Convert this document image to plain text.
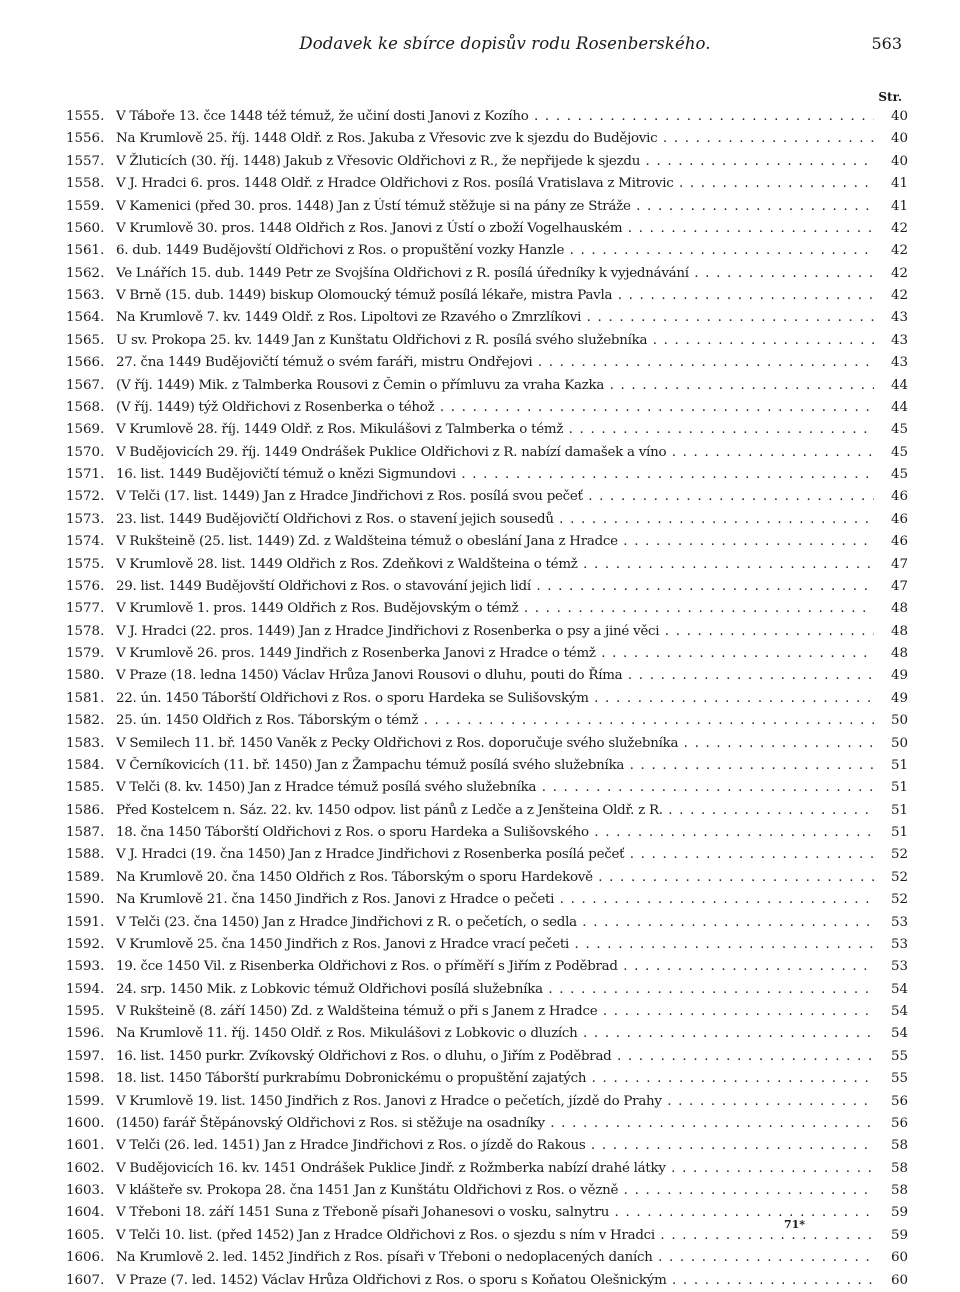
Dodavek ke sbírce dopisův rodu Rosenberského.	563
Str.
1555. V Táboře 13. čce 1448 též témuž, že učiní dosti Janovi z Kozího . . .	40
1556. Na Krumlově 25. říj. 1448 Oldř. z Ros. Jakuba z Vřesovic zve k sjezdu do Budějovic . . .	40
1557. V Žluticích (30. říj. 1448) Jakub z Vřesovic Oldřichovi z R., že nepřijede k sjezdu . . .	40
1558. V J. Hradci 6. pros. 1448 Oldř. z Hradce Oldřichovi z Ros. posílá Vratislava z Mitrovic . . .	41
1559. V Kamenici (před 30. pros. 1448) Jan z Ústí témuž stěžuje si na pány ze Stráže . . .	41
1560. V Krumlově 30. pros. 1448 Oldřich z Ros. Janovi z Ústí o zboží Vogelhauském . . .	42
1561. 6. dub. 1449 Budějovští Oldřichovi z Ros. o propuštění vozky Hanzle . . .	42
1562. Ve Lnářích 15. dub. 1449 Petr ze Svojšína Oldřichovi z R. posílá úředníky k vyjednávání . . .	42
1563. V Brně (15. dub. 1449) biskup Olomoucký témuž posílá lékaře, mistra Pavla . . .	42
1564. Na Krumlově 7. kv. 1449 Oldř. z Ros. Lipoltovi ze Rzavého o Zmrzlíkovi . . .	43
1565. U sv. Prokopa 25. kv. 1449 Jan z Kunštatu Oldřichovi z R. posílá svého služebníka . . .	43
1566. 27. čna 1449 Budějovičtí témuž o svém faráři, mistru Ondřejovi . . .	43
1567. (V říj. 1449) Mik. z Talmberka Rousovi z Čemin o přímluvu za vraha Kazka . . .	44
1568. (V říj. 1449) týž Oldřichovi z Rosenberka o téhož . . .	44
1569. V Krumlově 28. říj. 1449 Oldř. z Ros. Mikulášovi z Talmberka o témž . . .	45
1570. V Budějovicích 29. říj. 1449 Ondrášek Puklice Oldřichovi z R. nabízí damašek a víno . . .	45
1571. 16. list. 1449 Budějovičtí témuž o knězi Sigmundovi . . .	45
1572. V Telči (17. list. 1449) Jan z Hradce Jindřichovi z Ros. posílá svou pečeť . . .	46
1573. 23. list. 1449 Budějovičtí Oldřichovi z Ros. o stavení jejich sousedů . . .	46
1574. V Rukšteině (25. list. 1449) Zd. z Waldšteina témuž o obeslání Jana z Hradce . . .	46
1575. V Krumlově 28. list. 1449 Oldřich z Ros. Zdeňkovi z Waldšteina o témž . . .	47
1576. 29. list. 1449 Budějovští Oldřichovi z Ros. o stavování jejich lidí . . .	47
1577. V Krumlově 1. pros. 1449 Oldřich z Ros. Budějovským o témž . . .	48
1578. V J. Hradci (22. pros. 1449) Jan z Hradce Jindřichovi z Rosenberka o psy a jiné věci . . .	48
1579. V Krumlově 26. pros. 1449 Jindřich z Rosenberka Janovi z Hradce o témž . . .	48
1580. V Praze (18. ledna 1450) Václav Hrůza Janovi Rousovi o dluhu, pouti do Říma . . .	49
1581. 22. ún. 1450 Táborští Oldřichovi z Ros. o sporu Hardeka se Sulišovským . . .	49
1582. 25. ún. 1450 Oldřich z Ros. Táborským o témž . . .	50
1583. V Semilech 11. bř. 1450 Vaněk z Pecky Oldřichovi z Ros. doporučuje svého služebníka . . .	50
1584. V Černíkovicích (11. bř. 1450) Jan z Žampachu témuž posílá svého služebníka . . .	51
1585. V Telči (8. kv. 1450) Jan z Hradce témuž posílá svého služebníka . . .	51
1586. Před Kostelcem n. Sáz. 22. kv. 1450 odpov. list pánů z Ledče a z Jenšteina Oldř. z R. . . .	51
1587. 18. čna 1450 Táborští Oldřichovi z Ros. o sporu Hardeka a Sulišovského . . .	51
1588. V J. Hradci (19. čna 1450) Jan z Hradce Jindřichovi z Rosenberka posílá pečeť . . .	52
1589. Na Krumlově 20. čna 1450 Oldřich z Ros. Táborským o sporu Hardekově . . .	52
1590. Na Krumlově 21. čna 1450 Jindřich z Ros. Janovi z Hradce o pečeti . . .	52
1591. V Telči (23. čna 1450) Jan z Hradce Jindřichovi z R. o pečetích, o sedla . . .	53
1592. V Krumlově 25. čna 1450 Jindřich z Ros. Janovi z Hradce vrací pečeti . . .	53
1593. 19. čce 1450 Vil. z Risenberka Oldřichovi z Ros. o příměří s Jiřím z Poděbrad . . .	53
1594. 24. srp. 1450 Mik. z Lobkovic témuž Oldřichovi posílá služebníka . . .	54
1595. V Rukšteině (8. září 1450) Zd. z Waldšteina témuž o při s Janem z Hradce . . .	54
1596. Na Krumlově 11. říj. 1450 Oldř. z Ros. Mikulášovi z Lobkovic o dluzích . . .	54
1597. 16. list. 1450 purkr. Zvíkovský Oldřichovi z Ros. o dluhu, o Jiřím z Poděbrad . . .	55
1598. 18. list. 1450 Táborští purkrabímu Dobronickému o propuštění zajatých . . .	55
1599. V Krumlově 19. list. 1450 Jindřich z Ros. Janovi z Hradce o pečetích, jízdě do Prahy . . .	56
1600. (1450) farář Štěpánovský Oldřichovi z Ros. si stěžuje na osadníky . . .	56
1601. V Telči (26. led. 1451) Jan z Hradce Jindřichovi z Ros. o jízdě do Rakous . . .	58
1602. V Budějovicích 16. kv. 1451 Ondrášek Puklice Jindř. z Rožmberka nabízí drahé látky . . .	58
1603. V klášteře sv. Prokopa 28. čna 1451 Jan z Kunštátu Oldřichovi z Ros. o vězně . . .	58
1604. V Třeboni 18. září 1451 Suna z Třeboně písaři Johanesovi o vosku, salnytru . . .	59
1605. V Telči 10. list. (před 1452) Jan z Hradce Oldřichovi z Ros. o sjezdu s ním v Hradci . . .	59
1606. Na Krumlově 2. led. 1452 Jindřich z Ros. písaři v Třeboni o nedoplacených daních . . .	60
1607. V Praze (7. led. 1452) Václav Hrůza Oldřichovi z Ros. o sporu s Koňatou Olešnickým . . .	60
71*
